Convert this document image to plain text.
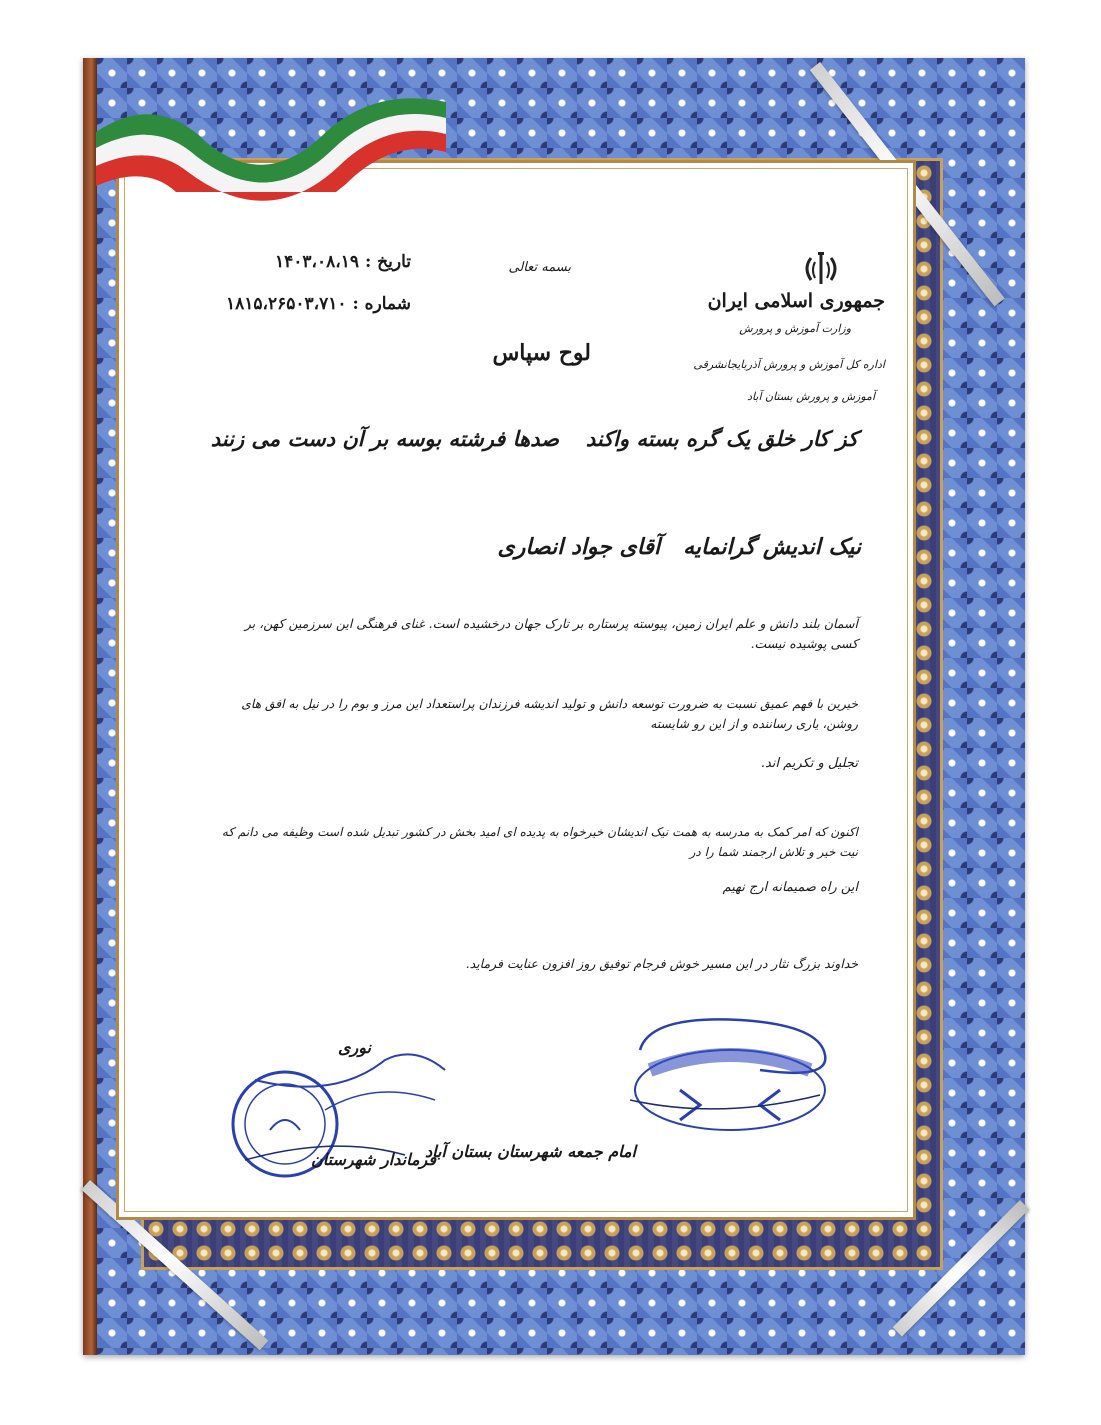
جمهوری اسلامی ایران
وزارت آموزش و پرورش
اداره کل آموزش و پرورش آذربایجانشرقی
آموزش و پرورش بستان آباد
بسمه تعالی
تاریخ : ۱۴۰۳،۰۸،۱۹
شماره : ۱۸۱۵،۲۶۵۰۳،۷۱۰
لوح سپاس
صدها فرشته بوسه بر آن دست می زنند کز کار خلق یک گره بسته واکند
نیک اندیش گرانمایه   آقای جواد انصاری
آسمان بلند دانش و علم ایران زمین، پیوسته پرستاره بر تارک جهان درخشیده است. غنای فرهنگی این سرزمین کهن، بر کسی پوشیده نیست.
خیرین با فهم عمیق نسبت به ضرورت توسعه دانش و تولید اندیشه فرزندان پراستعداد این مرز و بوم را در نیل به افق های روشن، یاری رساننده و از این رو شایسته
تجلیل و تکریم اند.
اکنون که امر کمک به مدرسه به همت نیک اندیشان خیرخواه به پدیده ای امید بخش در کشور تبدیل شده است وظیفه می دانم که نیت خیر و تلاش ارجمند شما را در
این راه صمیمانه ارج نهیم
خداوند بزرگ نثار در این مسیر خوش فرجام توفیق روز افزون عنایت فرماید.
نوری
فرماندار شهرستان
امام جمعه شهرستان بستان آباد
